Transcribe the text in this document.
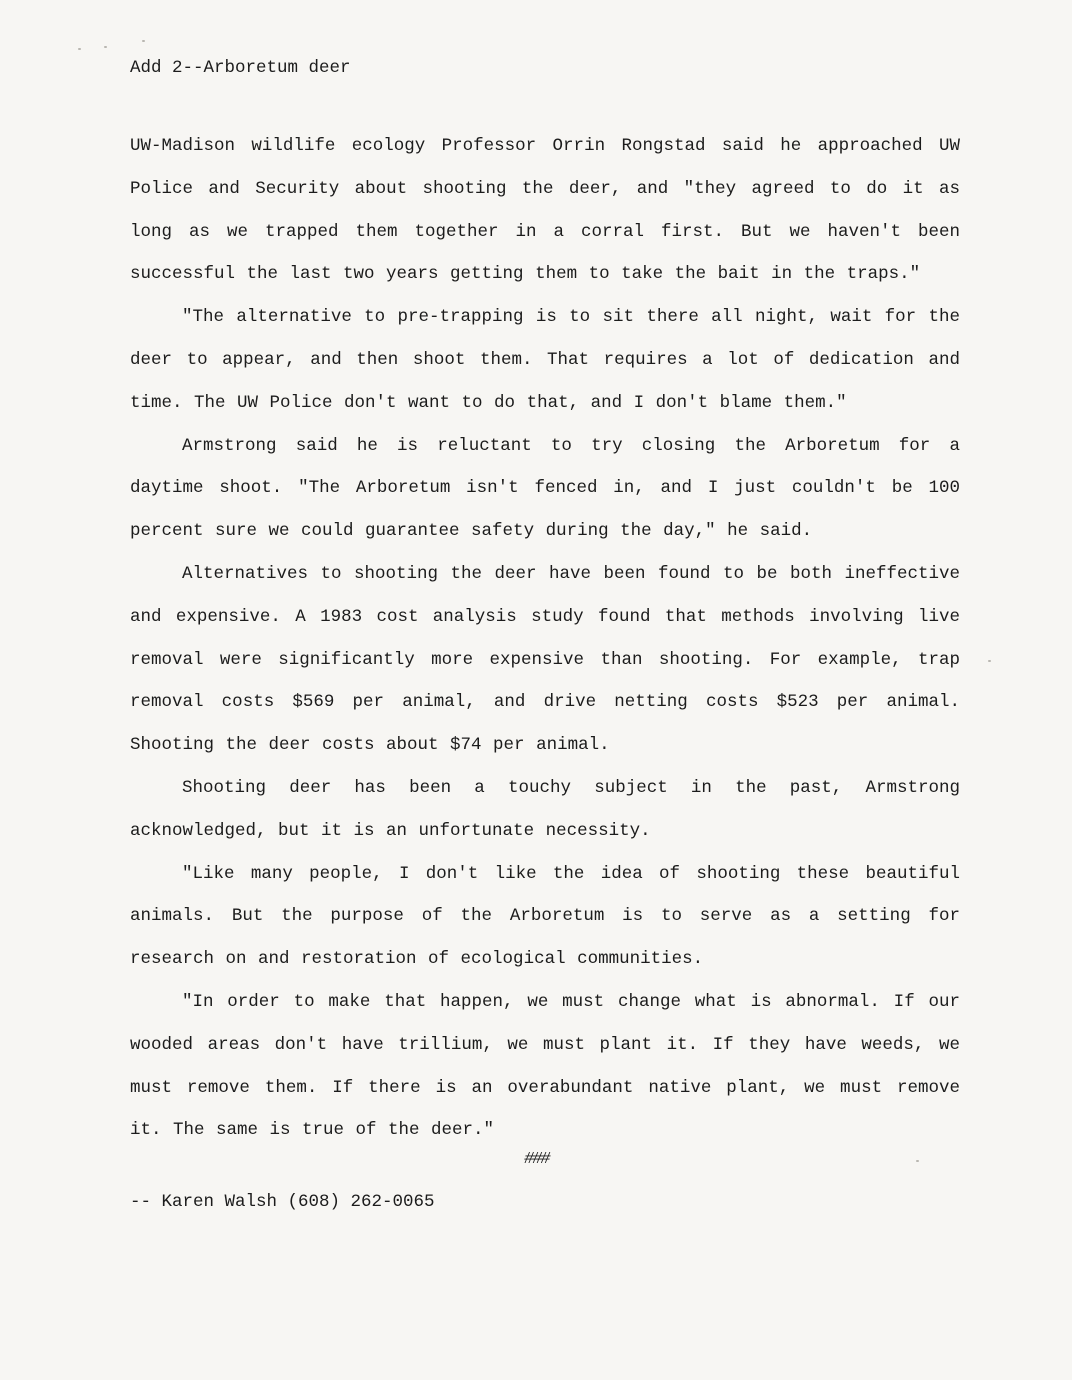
Add 2--Arboretum deer

UW-Madison wildlife ecology Professor Orrin Rongstad said he approached UW Police and Security about shooting the deer, and "they agreed to do it as long as we trapped them together in a corral first. But we haven't been successful the last two years getting them to take the bait in the traps."

"The alternative to pre-trapping is to sit there all night, wait for the deer to appear, and then shoot them. That requires a lot of dedication and time. The UW Police don't want to do that, and I don't blame them."

Armstrong said he is reluctant to try closing the Arboretum for a daytime shoot. "The Arboretum isn't fenced in, and I just couldn't be 100 percent sure we could guarantee safety during the day," he said.

Alternatives to shooting the deer have been found to be both ineffective and expensive. A 1983 cost analysis study found that methods involving live removal were significantly more expensive than shooting. For example, trap removal costs $569 per animal, and drive netting costs $523 per animal. Shooting the deer costs about $74 per animal.

Shooting deer has been a touchy subject in the past, Armstrong acknowledged, but it is an unfortunate necessity.

"Like many people, I don't like the idea of shooting these beautiful animals. But the purpose of the Arboretum is to serve as a setting for research on and restoration of ecological communities.

"In order to make that happen, we must change what is abnormal. If our wooded areas don't have trillium, we must plant it. If they have weeds, we must remove them. If there is an overabundant native plant, we must remove it. The same is true of the deer."

###
-- Karen Walsh (608) 262-0065
